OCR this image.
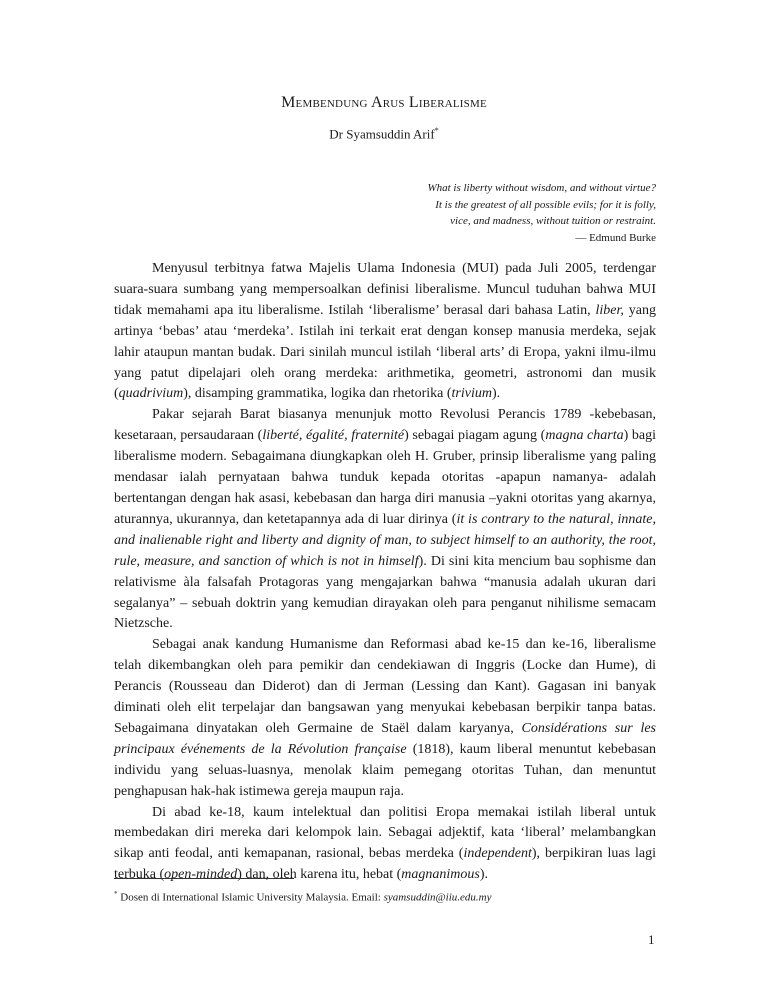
Membendung Arus Liberalisme
Dr Syamsuddin Arif*
What is liberty without wisdom, and without virtue?
It is the greatest of all possible evils; for it is folly,
vice, and madness, without tuition or restraint.
— Edmund Burke

Menyusul terbitnya fatwa Majelis Ulama Indonesia (MUI) pada Juli 2005, terdengar suara-suara sumbang yang mempersoalkan definisi liberalisme. Muncul tuduhan bahwa MUI tidak memahami apa itu liberalisme. Istilah ‘liberalisme’ berasal dari bahasa Latin, liber, yang artinya ‘bebas’ atau ‘merdeka’. Istilah ini terkait erat dengan konsep manusia merdeka, sejak lahir ataupun mantan budak. Dari sinilah muncul istilah ‘liberal arts’ di Eropa, yakni ilmu-ilmu yang patut dipelajari oleh orang merdeka: arithmetika, geometri, astronomi dan musik (quadrivium), disamping grammatika, logika dan rhetorika (trivium).

Pakar sejarah Barat biasanya menunjuk motto Revolusi Perancis 1789 -kebebasan, kesetaraan, persaudaraan (liberté, égalité, fraternité) sebagai piagam agung (magna charta) bagi liberalisme modern. Sebagaimana diungkapkan oleh H. Gruber, prinsip liberalisme yang paling mendasar ialah pernyataan bahwa tunduk kepada otoritas -apapun namanya- adalah bertentangan dengan hak asasi, kebebasan dan harga diri manusia –yakni otoritas yang akarnya, aturannya, ukurannya, dan ketetapannya ada di luar dirinya (it is contrary to the natural, innate, and inalienable right and liberty and dignity of man, to subject himself to an authority, the root, rule, measure, and sanction of which is not in himself). Di sini kita mencium bau sophisme dan relativisme àla falsafah Protagoras yang mengajarkan bahwa “manusia adalah ukuran dari segalanya” – sebuah doktrin yang kemudian dirayakan oleh para penganut nihilisme semacam Nietzsche.

Sebagai anak kandung Humanisme dan Reformasi abad ke-15 dan ke-16, liberalisme telah dikembangkan oleh para pemikir dan cendekiawan di Inggris (Locke dan Hume), di Perancis (Rousseau dan Diderot) dan di Jerman (Lessing dan Kant). Gagasan ini banyak diminati oleh elit terpelajar dan bangsawan yang menyukai kebebasan berpikir tanpa batas. Sebagaimana dinyatakan oleh Germaine de Staël dalam karyanya, Considérations sur les principaux événements de la Révolution française (1818), kaum liberal menuntut kebebasan individu yang seluas-luasnya, menolak klaim pemegang otoritas Tuhan, dan menuntut penghapusan hak-hak istimewa gereja maupun raja.

Di abad ke-18, kaum intelektual dan politisi Eropa memakai istilah liberal untuk membedakan diri mereka dari kelompok lain. Sebagai adjektif, kata ‘liberal’ melambangkan sikap anti feodal, anti kemapanan, rasional, bebas merdeka (independent), berpikiran luas lagi terbuka (open-minded) dan, oleh karena itu, hebat (magnanimous).

* Dosen di International Islamic University Malaysia. Email: syamsuddin@iiu.edu.my
1
